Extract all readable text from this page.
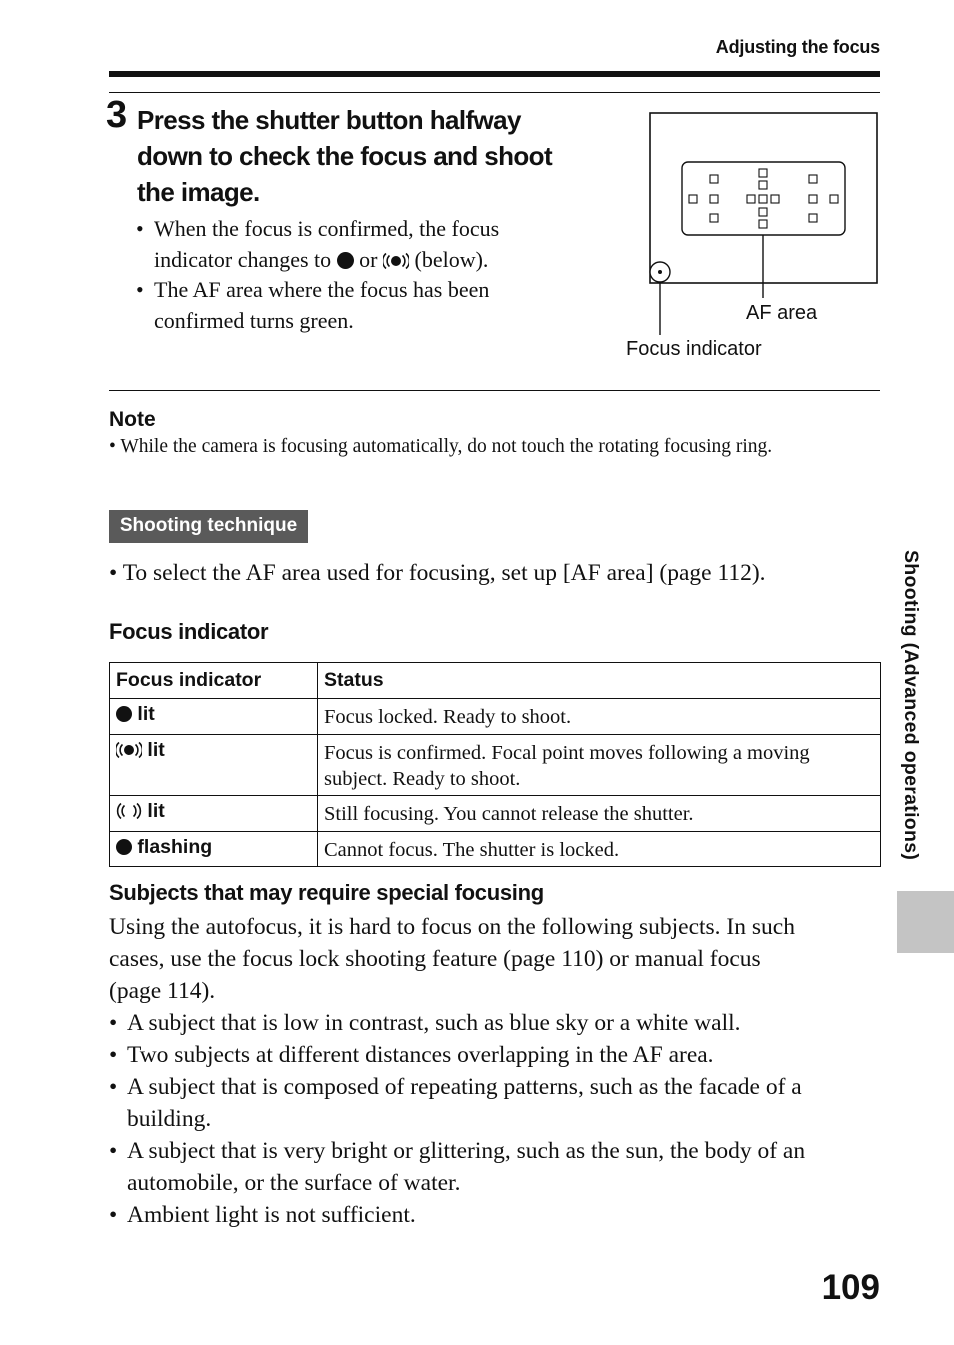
Adjusting the focus
3 Press the shutter button halfway
down to check the focus and shoot
the image.
• When the focus is confirmed, the focus
indicator changes to or (below).
• The AF area where the focus has been
confirmed turns green.	AF area
Focus indicator
Note
• While the camera is focusing automatically, do not touch the rotating focusing ring.
Shooting technique
• To select the AF area used for focusing, set up [AF area] (page 112).
Focus indicator
Focus indicator	Status
lit	Focus locked. Ready to shoot.

lit	Focus is confirmed. Focal point moves following a moving
subject. Ready to shoot.

lit	Still focusing. You cannot release the shutter.

flashing	Cannot focus. The shutter is locked.
Subjects that may require special focusing
Using the autofocus, it is hard to focus on the following subjects. In such
cases, use the focus lock shooting feature (page 110) or manual focus
(page 114).
• A subject that is low in contrast, such as blue sky or a white wall.
• Two subjects at different distances overlapping in the AF area.
• A subject that is composed of repeating patterns, such as the facade of a
building.
• A subject that is very bright or glittering, such as the sun, the body of an
automobile, or the surface of water.
• Ambient light is not sufficient.
Shooting (Advanced operations)
109
